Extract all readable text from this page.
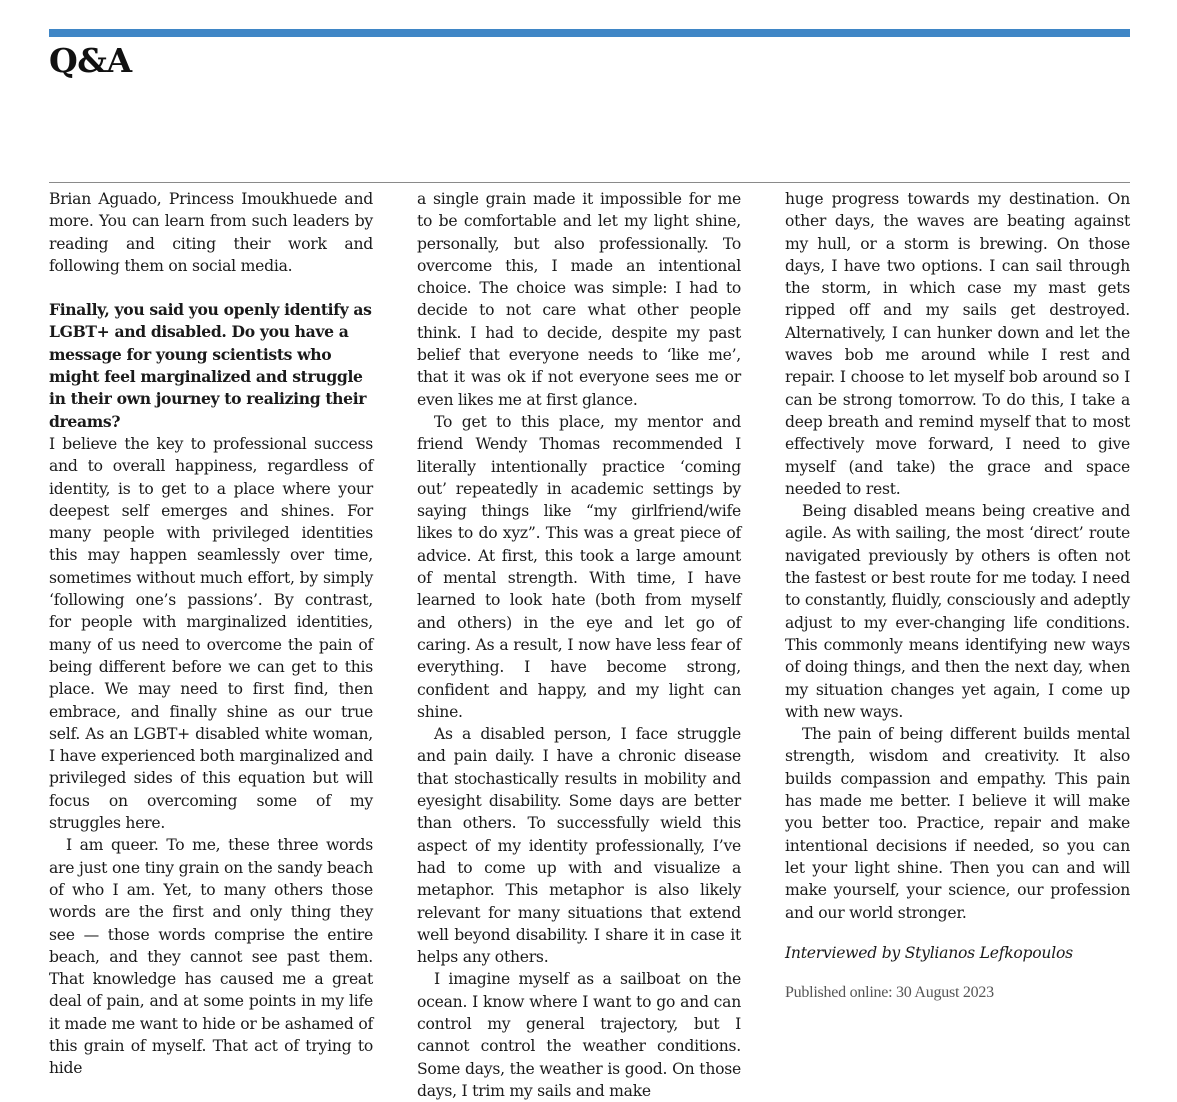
Q&A

Brian Aguado, Princess Imoukhuede and more. You can learn from such leaders by reading and citing their work and following them on social media.

Finally, you said you openly identify as LGBT+ and disabled. Do you have a message for young scientists who might feel marginalized and struggle in their own journey to realizing their dreams?

I believe the key to professional success and to overall happiness, regardless of identity, is to get to a place where your deepest self emerges and shines. For many people with privileged identities this may happen seamlessly over time, sometimes without much effort, by simply ‘following one’s passions’. By contrast, for people with marginalized identities, many of us need to overcome the pain of being different before we can get to this place. We may need to first find, then embrace, and finally shine as our true self. As an LGBT+ disabled white woman, I have experienced both marginalized and privileged sides of this equation but will focus on overcoming some of my struggles here.

I am queer. To me, these three words are just one tiny grain on the sandy beach of who I am. Yet, to many others those words are the first and only thing they see — those words comprise the entire beach, and they cannot see past them. That knowledge has caused me a great deal of pain, and at some points in my life it made me want to hide or be ashamed of this grain of myself. That act of trying to hide

a single grain made it impossible for me to be comfortable and let my light shine, personally, but also professionally. To overcome this, I made an intentional choice. The choice was simple: I had to decide to not care what other people think. I had to decide, despite my past belief that everyone needs to ‘like me’, that it was ok if not everyone sees me or even likes me at first glance.

To get to this place, my mentor and friend Wendy Thomas recommended I literally intentionally practice ‘coming out’ repeatedly in academic settings by saying things like “my girlfriend/wife likes to do xyz”. This was a great piece of advice. At first, this took a large amount of mental strength. With time, I have learned to look hate (both from myself and others) in the eye and let go of caring. As a result, I now have less fear of everything. I have become strong, confident and happy, and my light can shine.

As a disabled person, I face struggle and pain daily. I have a chronic disease that stochastically results in mobility and eyesight disability. Some days are better than others. To successfully wield this aspect of my identity professionally, I’ve had to come up with and visualize a metaphor. This metaphor is also likely relevant for many situations that extend well beyond disability. I share it in case it helps any others.

I imagine myself as a sailboat on the ocean. I know where I want to go and can control my general trajectory, but I cannot control the weather conditions. Some days, the weather is good. On those days, I trim my sails and make

huge progress towards my destination. On other days, the waves are beating against my hull, or a storm is brewing. On those days, I have two options. I can sail through the storm, in which case my mast gets ripped off and my sails get destroyed. Alternatively, I can hunker down and let the waves bob me around while I rest and repair. I choose to let myself bob around so I can be strong tomorrow. To do this, I take a deep breath and remind myself that to most effectively move forward, I need to give myself (and take) the grace and space needed to rest.

Being disabled means being creative and agile. As with sailing, the most ‘direct’ route navigated previously by others is often not the fastest or best route for me today. I need to constantly, fluidly, consciously and adeptly adjust to my ever-changing life conditions. This commonly means identifying new ways of doing things, and then the next day, when my situation changes yet again, I come up with new ways.

The pain of being different builds mental strength, wisdom and creativity. It also builds compassion and empathy. This pain has made me better. I believe it will make you better too. Practice, repair and make intentional decisions if needed, so you can let your light shine. Then you can and will make yourself, your science, our profession and our world stronger.

Interviewed by Stylianos Lefkopoulos

Published online: 30 August 2023
